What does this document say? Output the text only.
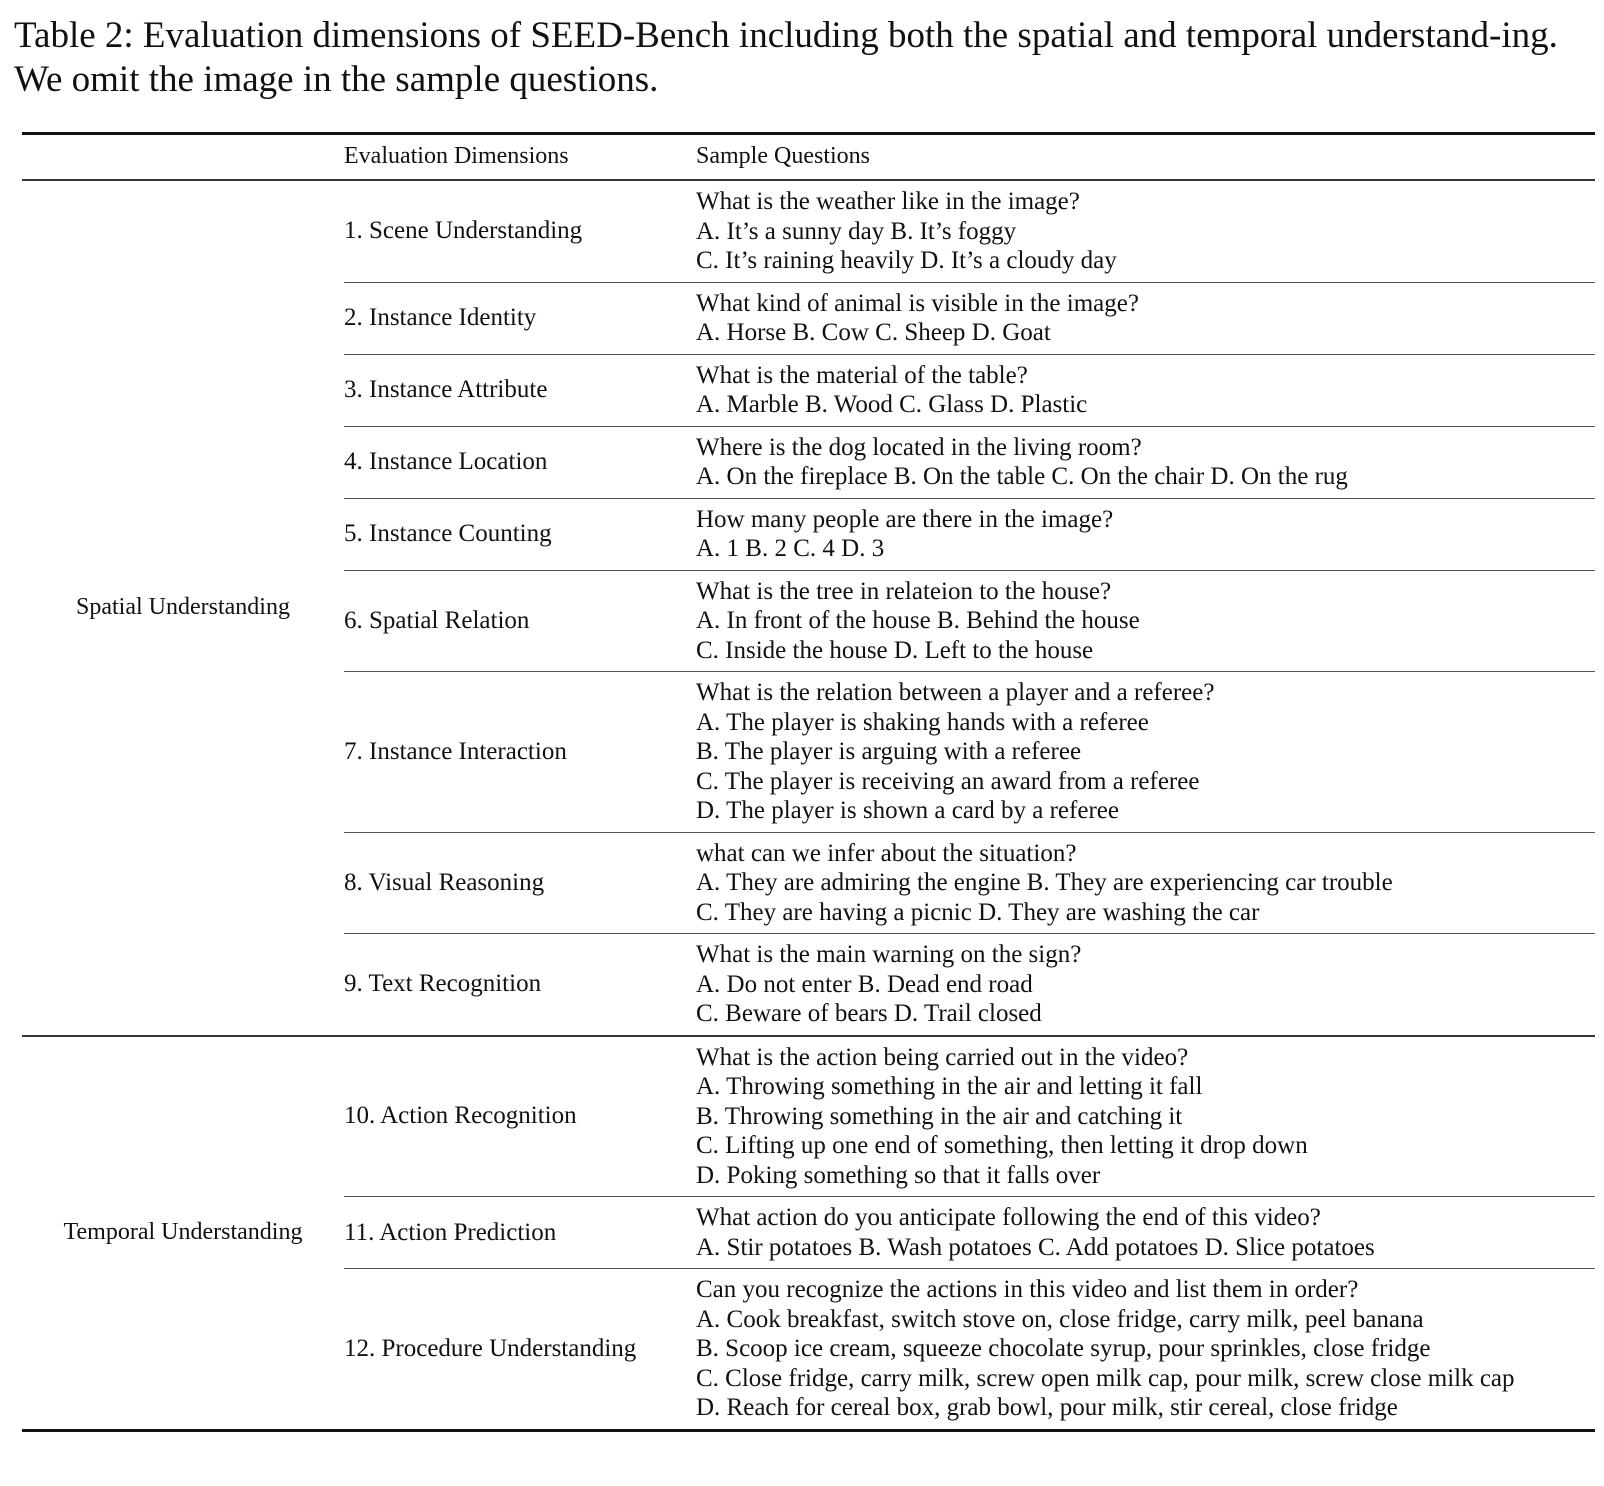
Table 2: Evaluation dimensions of SEED-Bench including both the spatial and temporal understand-ing. We omit the image in the sample questions.
Evaluation Dimensions	Sample Questions
Spatial Understanding
1. Scene Understanding
What is the weather like in the image?
A. It’s a sunny day B. It’s foggy
C. It’s raining heavily D. It’s a cloudy day
2. Instance Identity
What kind of animal is visible in the image?
A. Horse B. Cow C. Sheep D. Goat
3. Instance Attribute
What is the material of the table?
A. Marble B. Wood C. Glass D. Plastic
4. Instance Location
Where is the dog located in the living room?
A. On the fireplace B. On the table C. On the chair D. On the rug
5. Instance Counting
How many people are there in the image?
A. 1 B. 2 C. 4 D. 3
6. Spatial Relation
What is the tree in relateion to the house?
A. In front of the house B. Behind the house
C. Inside the house D. Left to the house
7. Instance Interaction
What is the relation between a player and a referee?
A. The player is shaking hands with a referee
B. The player is arguing with a referee
C. The player is receiving an award from a referee
D. The player is shown a card by a referee
8. Visual Reasoning
what can we infer about the situation?
A. They are admiring the engine B. They are experiencing car trouble
C. They are having a picnic D. They are washing the car
9. Text Recognition
What is the main warning on the sign?
A. Do not enter B. Dead end road
C. Beware of bears D. Trail closed
Temporal Understanding
10. Action Recognition
What is the action being carried out in the video?
A. Throwing something in the air and letting it fall
B. Throwing something in the air and catching it
C. Lifting up one end of something, then letting it drop down
D. Poking something so that it falls over
11. Action Prediction
What action do you anticipate following the end of this video?
A. Stir potatoes B. Wash potatoes C. Add potatoes D. Slice potatoes
12. Procedure Understanding
Can you recognize the actions in this video and list them in order?
A. Cook breakfast, switch stove on, close fridge, carry milk, peel banana
B. Scoop ice cream, squeeze chocolate syrup, pour sprinkles, close fridge
C. Close fridge, carry milk, screw open milk cap, pour milk, screw close milk cap
D. Reach for cereal box, grab bowl, pour milk, stir cereal, close fridge
